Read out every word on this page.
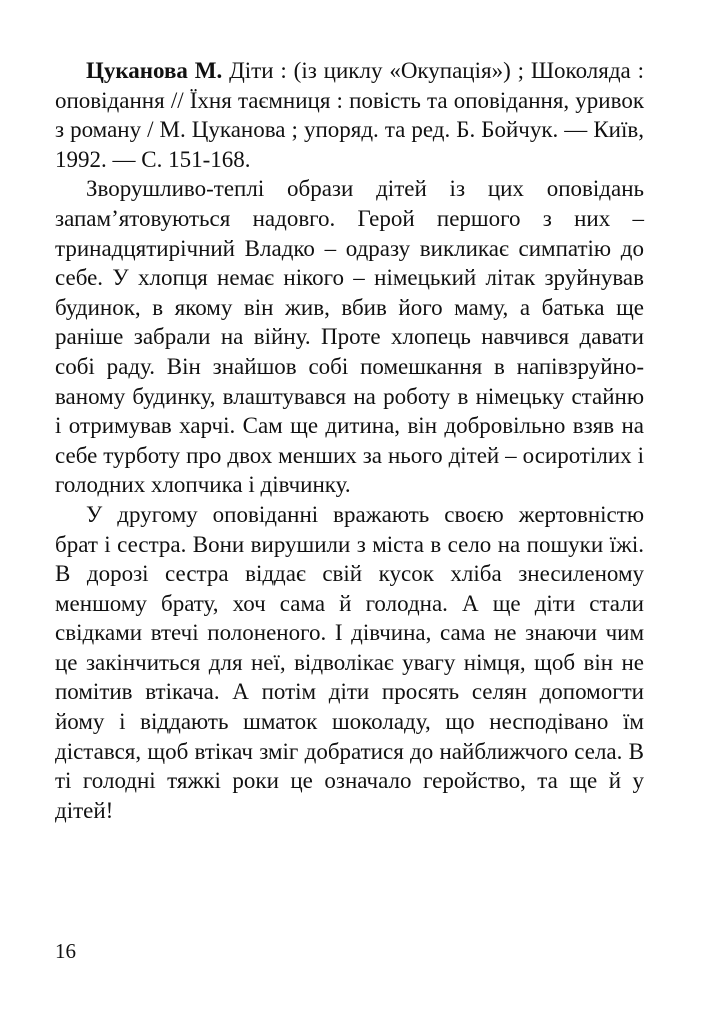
Цуканова М. Діти : (із циклу «Окупація») ; Шоколяда : оповідання // Їхня таємниця : повість та оповідання, уривок з роману / М. Цуканова ; упоряд. та ред. Б. Бойчук. — Київ, 1992. — С. 151-168.

Зворушливо-теплі образи дітей із цих оповідань запам’ятовуються надовго. Герой першого з них – тринадцятирічний Владко – одразу викликає симпатію до себе. У хлопця немає нікого – німецький літак зруйнував будинок, в якому він жив, вбив його маму, а батька ще раніше забрали на війну. Проте хлопець навчився давати собі раду. Він знайшов собі помешкання в напівзруйнованому будинку, влаштувався на роботу в німецьку стайню і отримував харчі. Сам ще дитина, він добровільно взяв на себе турботу про двох менших за нього дітей – осиротілих і голодних хлопчика і дівчинку.

У другому оповіданні вражають своєю жертовністю брат і сестра. Вони вирушили з міста в село на пошуки їжі. В дорозі сестра віддає свій кусок хліба знесиленому меншому брату, хоч сама й голодна. А ще діти стали свідками втечі полоненого. І дівчина, сама не знаючи чим це закінчиться для неї, відволікає увагу німця, щоб він не помітив втікача. А потім діти просять селян допомогти йому і віддають шматок шоколаду, що несподівано їм дістався, щоб втікач зміг добратися до найближчого села. В ті голодні тяжкі роки це означало геройство, та ще й у дітей!

16
